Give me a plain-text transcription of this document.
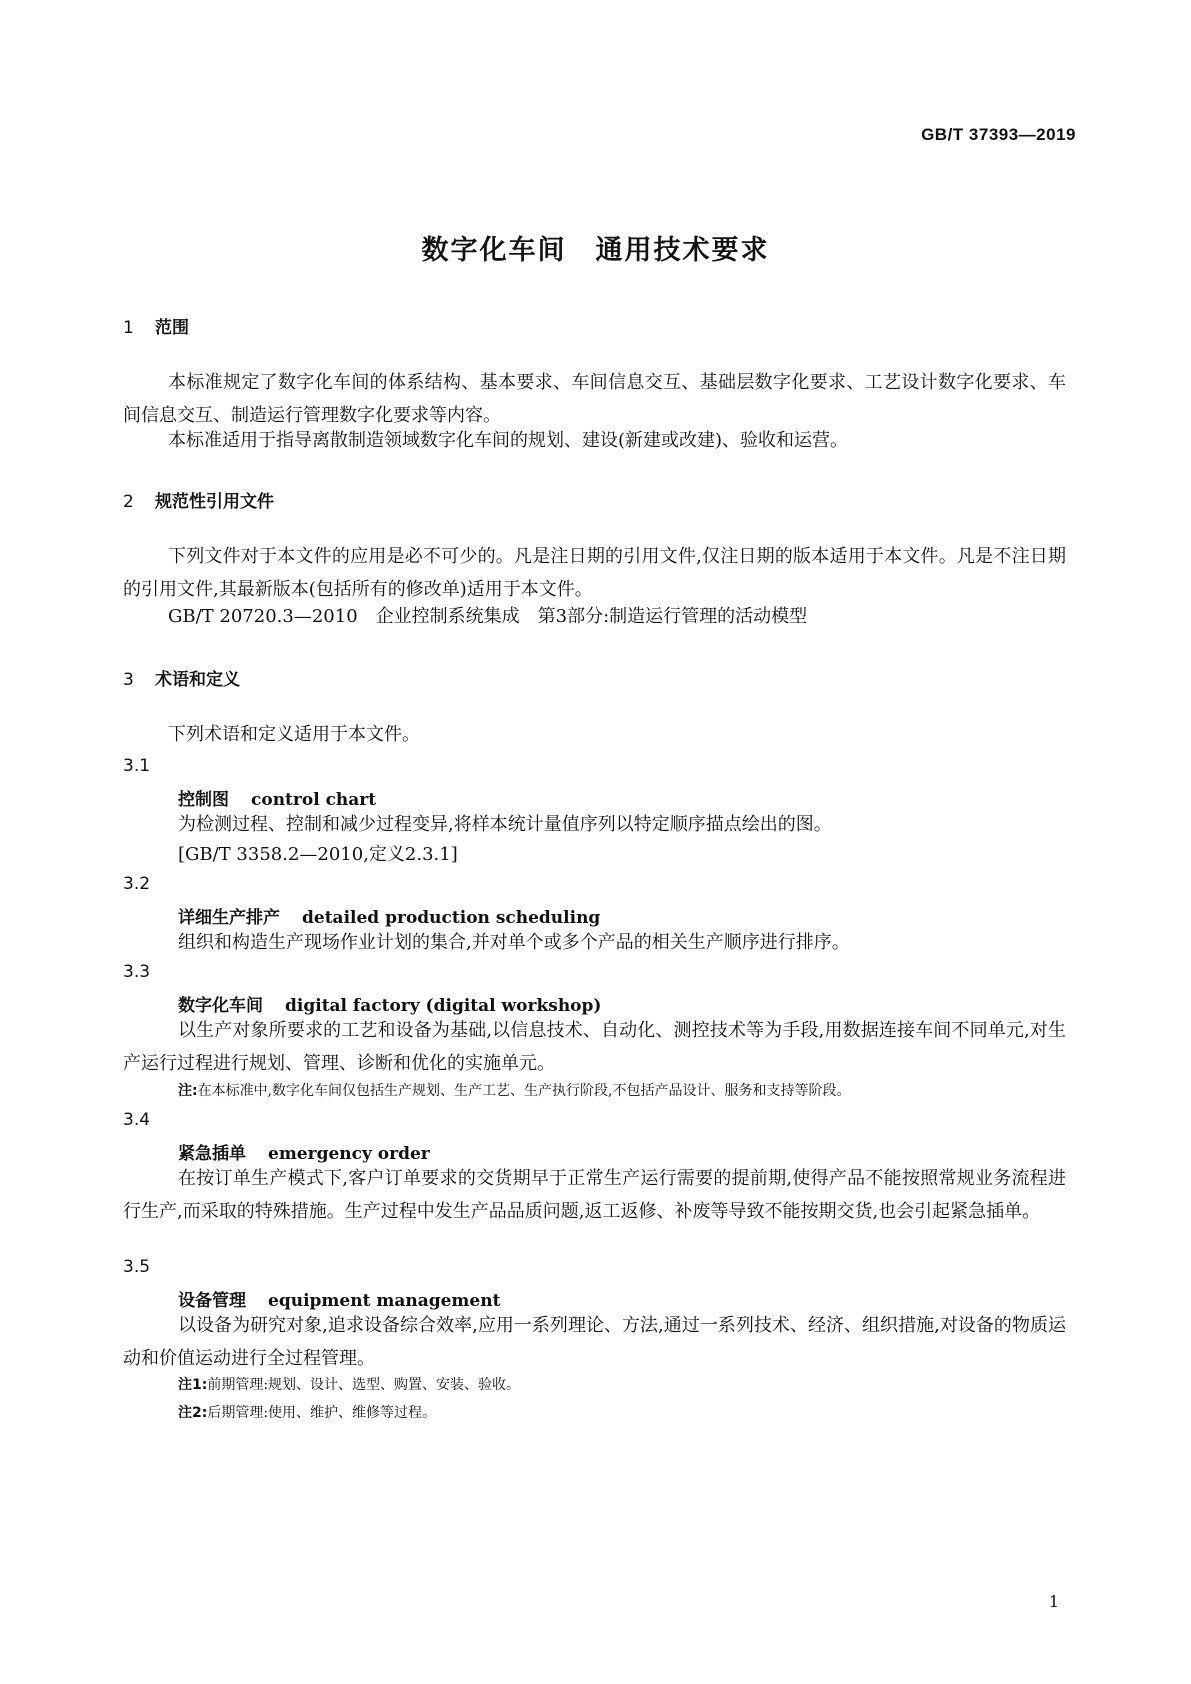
GB/T 37393—2019
数字化车间　通用技术要求
1 范围
本标准规定了数字化车间的体系结构、基本要求、车间信息交互、基础层数字化要求、工艺设计数字化要求、车间信息交互、制造运行管理数字化要求等内容。
本标准适用于指导离散制造领域数字化车间的规划、建设(新建或改建)、验收和运营。
2 规范性引用文件
下列文件对于本文件的应用是必不可少的。凡是注日期的引用文件,仅注日期的版本适用于本文件。凡是不注日期的引用文件,其最新版本(包括所有的修改单)适用于本文件。
GB/T 20720.3—2010　企业控制系统集成　第3部分:制造运行管理的活动模型
3 术语和定义
下列术语和定义适用于本文件。
3.1
控制图 control chart
为检测过程、控制和减少过程变异,将样本统计量值序列以特定顺序描点绘出的图。
[GB/T 3358.2—2010,定义2.3.1]
3.2
详细生产排产 detailed production scheduling
组织和构造生产现场作业计划的集合,并对单个或多个产品的相关生产顺序进行排序。
3.3
数字化车间 digital factory (digital workshop)
以生产对象所要求的工艺和设备为基础,以信息技术、自动化、测控技术等为手段,用数据连接车间不同单元,对生产运行过程进行规划、管理、诊断和优化的实施单元。
注:在本标准中,数字化车间仅包括生产规划、生产工艺、生产执行阶段,不包括产品设计、服务和支持等阶段。
3.4
紧急插单 emergency order
在按订单生产模式下,客户订单要求的交货期早于正常生产运行需要的提前期,使得产品不能按照常规业务流程进行生产,而采取的特殊措施。生产过程中发生产品品质问题,返工返修、补废等导致不能按期交货,也会引起紧急插单。
3.5
设备管理 equipment management
以设备为研究对象,追求设备综合效率,应用一系列理论、方法,通过一系列技术、经济、组织措施,对设备的物质运动和价值运动进行全过程管理。
注1:前期管理:规划、设计、选型、购置、安装、验收。
注2:后期管理:使用、维护、维修等过程。
1
